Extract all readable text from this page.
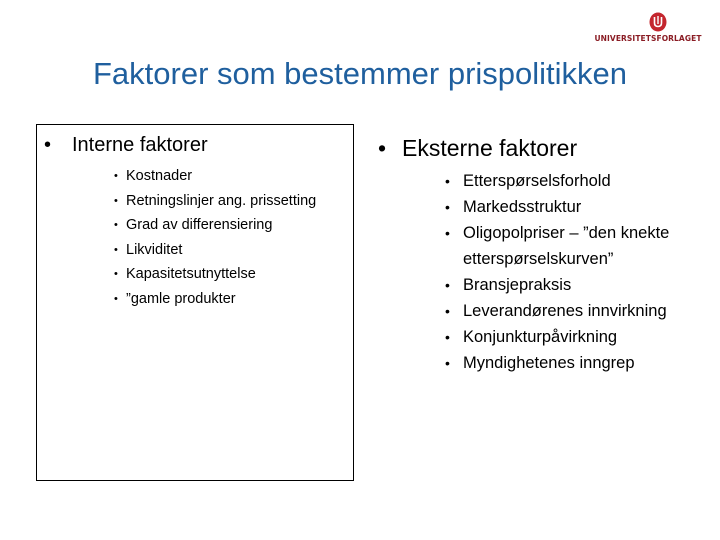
UNIVERSITETSFORLAGET
Faktorer som bestemmer prispolitikken
•	Interne faktorer
• Kostnader
• Retningslinjer ang. prissetting
• Grad av differensiering
• Likviditet
• Kapasitetsutnyttelse
• ”gamle produkter
• Eksterne faktorer
• Etterspørselsforhold
• Markedsstruktur
• Oligopolpriser – ”den knekte etterspørselskurven”
• Bransjepraksis
• Leverandørenes innvirkning
• Konjunkturpåvirkning
• Myndighetenes inngrep
